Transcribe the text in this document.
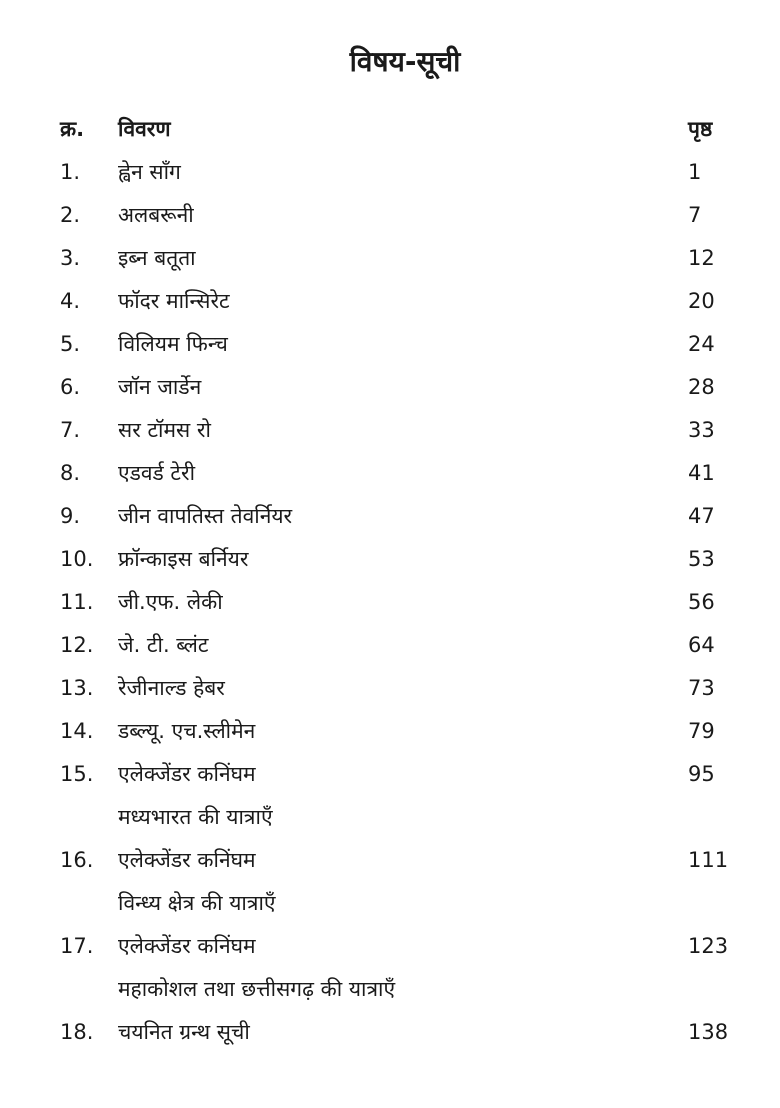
विषय-सूची
क्र. विवरण	पृष्ठ
1. ह्वेन साँग	1
2. अलबरूनी	7
3. इब्न बतूता	12
4. फॉदर मान्सिरेट	20
5. विलियम फिन्च	24
6. जॉन जार्डेन	28
7. सर टॉमस रो	33
8. एडवर्ड टेरी	41
9. जीन वापतिस्त तेवर्नियर	47
10. फ्रॉन्काइस बर्नियर	53
11. जी.एफ. लेकी	56
12. जे. टी. ब्लंट	64
13. रेजीनाल्ड हेबर	73
14. डब्ल्यू. एच.स्लीमेन	79
15. एलेक्जेंडर कनिंघम	95
मध्यभारत की यात्राएँ
16. एलेक्जेंडर कनिंघम	111
विन्ध्य क्षेत्र की यात्राएँ
17. एलेक्जेंडर कनिंघम	123
महाकोशल तथा छत्तीसगढ़ की यात्राएँ
18. चयनित ग्रन्थ सूची	138
